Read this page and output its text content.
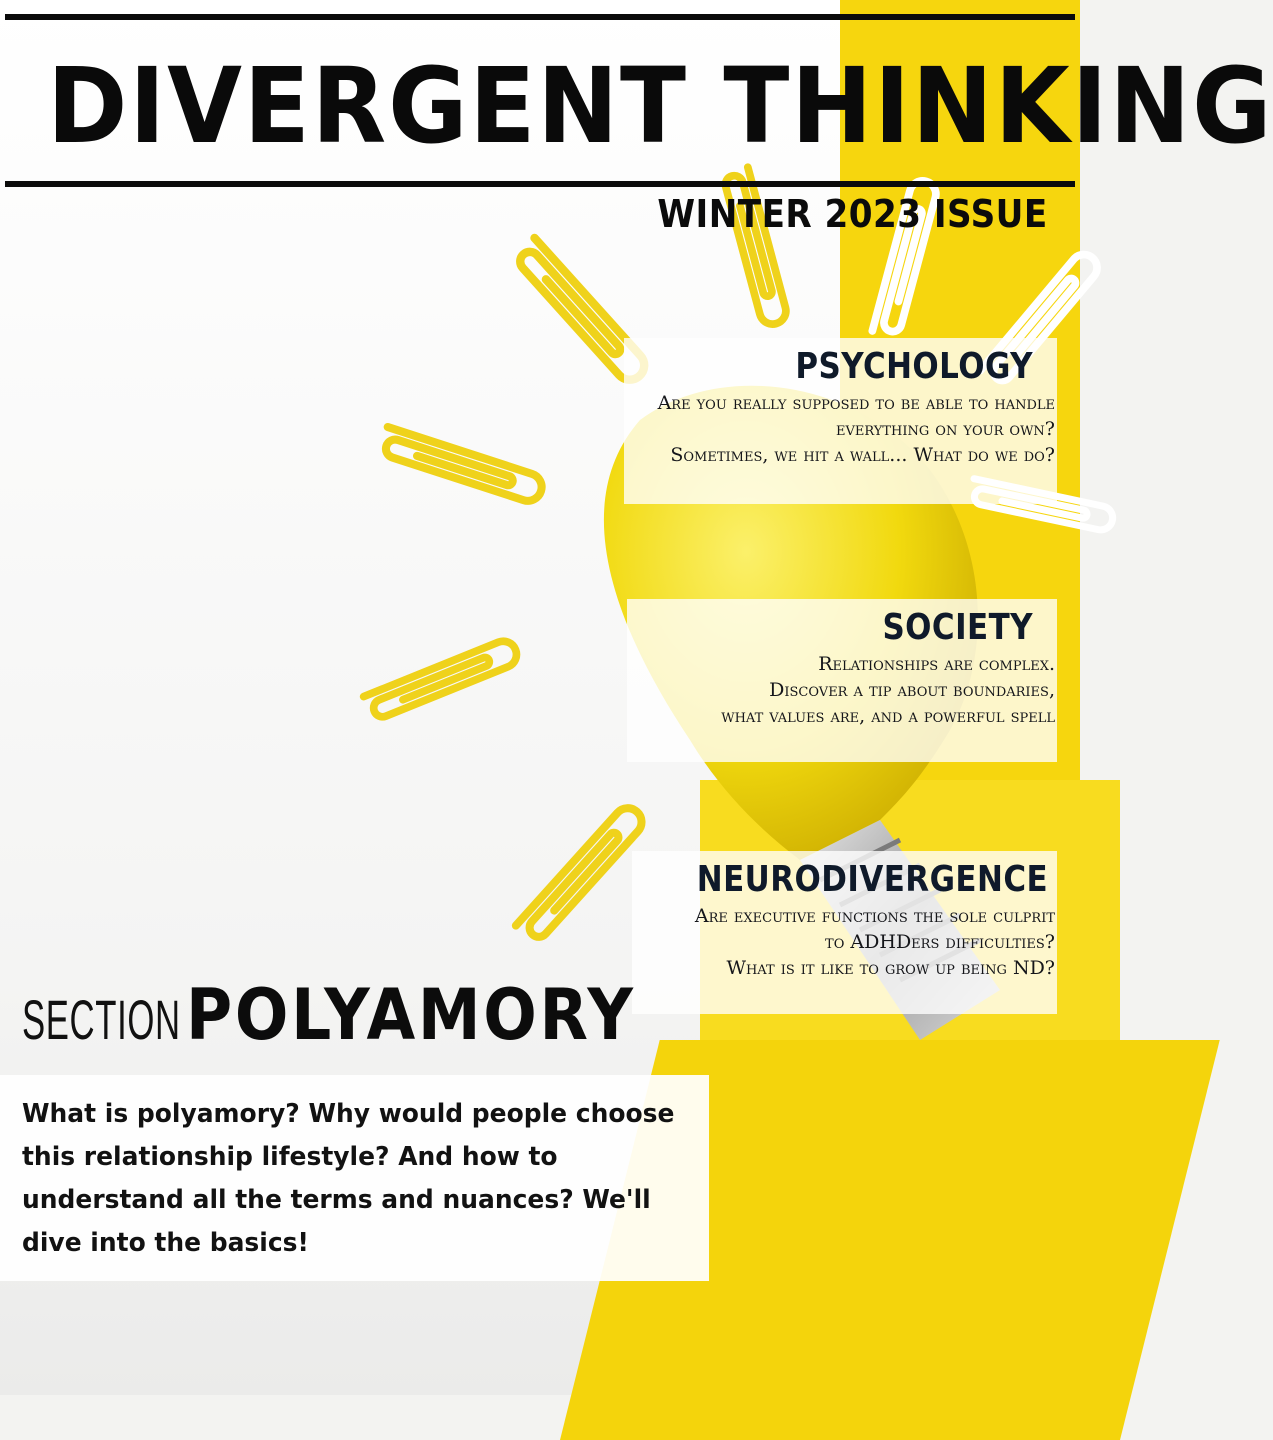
DIVERGENT THINKING
WINTER 2023 ISSUE
PSYCHOLOGY

Are you really supposed to be able to handle

everything on your own?

Sometimes, we hit a wall... What do we do?

SOCIETY

Relationships are complex.

Discover a tip about boundaries,

what values are, and a powerful spell

NEURODIVERGENCE

Are executive functions the sole culprit

to ADHDers difficulties?

What is it like to grow up being ND?

SECTIONPOLYAMORY

What is polyamory? Why would people choose this relationship lifestyle? And how to understand all the terms and nuances? We'll dive into the basics!
